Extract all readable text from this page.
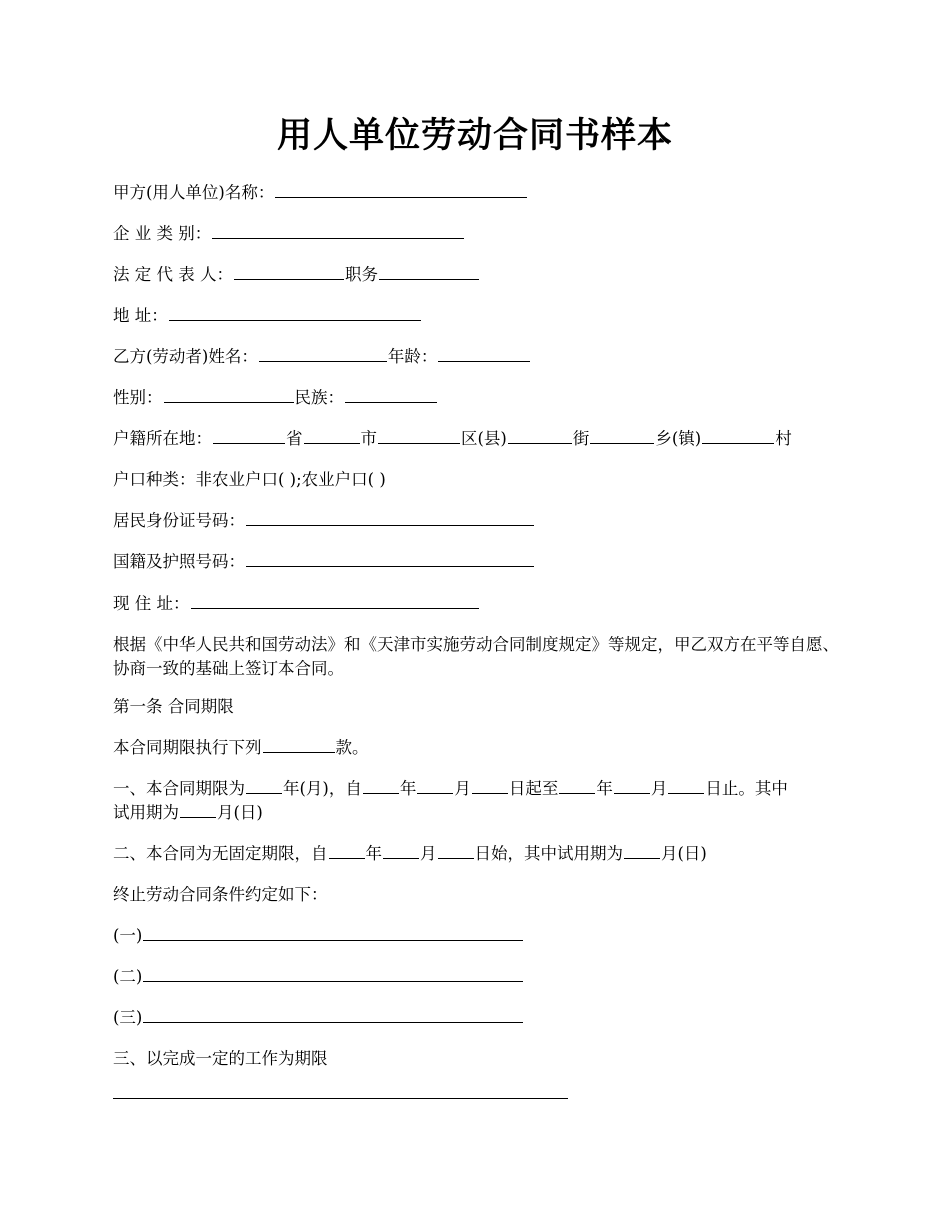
用人单位劳动合同书样本
甲方(用人单位)名称：
企 业 类 别：
法 定 代 表 人：	职务
地 址：
乙方(劳动者)姓名：	年龄：
性别：	民族：
户籍所在地：	省	市	区(县)	街	乡(镇)	村
户口种类：非农业户口( );农业户口( )
居民身份证号码：
国籍及护照号码：
现 住 址：
根据《中华人民共和国劳动法》和《天津市实施劳动合同制度规定》等规定，甲乙双方在平等自愿、协商一致的基础上签订本合同。
第一条 合同期限
本合同期限执行下列	款。
一、本合同期限为 年(月)，自 年 月 日起至 年 月 日止。其中
试用期为 月(日)
二、本合同为无固定期限，自 年 月 日始，其中试用期为 月(日)
终止劳动合同条件约定如下：
(一)
(二)
(三)
三、以完成一定的工作为期限
